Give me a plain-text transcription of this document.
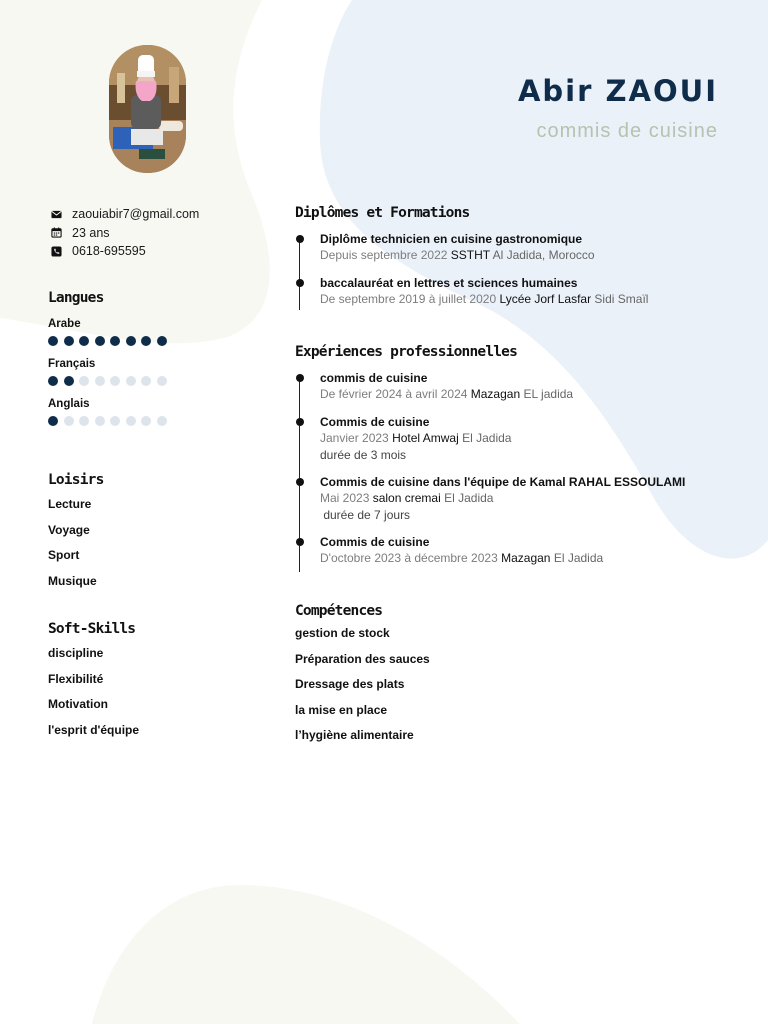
Abir ZAOUI
commis de cuisine
zaouiabir7@gmail.com
23 ans
0618-695595
Langues
Arabe
Français
Anglais
Loisirs
Lecture
Voyage
Sport
Musique
Soft-Skills
discipline
Flexibilité
Motivation
l'esprit d'équipe
Diplômes et Formations
Diplôme technicien en cuisine gastronomique
Depuis septembre 2022 SSTHT Al Jadida, Morocco
baccalauréat en lettres et sciences humaines
De septembre 2019 à juillet 2020 Lycée Jorf Lasfar Sidi Smaïl
Expériences professionnelles
commis de cuisine
De février 2024 à avril 2024 Mazagan EL jadida
Commis de cuisine
Janvier 2023 Hotel Amwaj El Jadida
durée de 3 mois
Commis de cuisine dans l'équipe de Kamal RAHAL ESSOULAMI
Mai 2023 salon cremai El Jadida
durée de 7 jours
Commis de cuisine
D'octobre 2023 à décembre 2023 Mazagan El Jadida
Compétences
gestion de stock
Préparation des sauces
Dressage des plats
la mise en place
l’hygiène alimentaire
